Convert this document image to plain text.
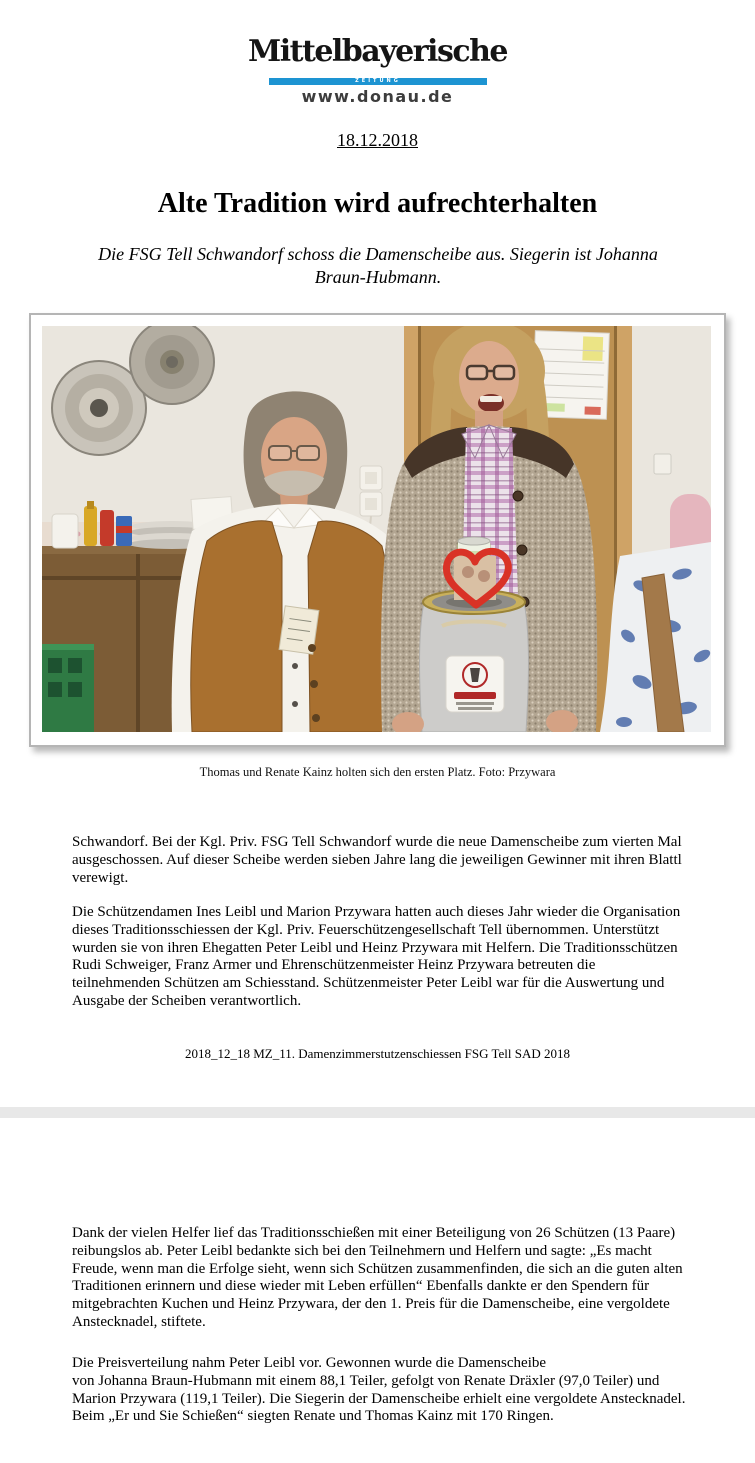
Mittelbayerische
ZEITUNG
www.donau.de
18.12.2018
Alte Tradition wird aufrechterhalten
Die FSG Tell Schwandorf schoss die Damenscheibe aus. Siegerin ist Johanna Braun-Hubmann.
Thomas und Renate Kainz holten sich den ersten Platz. Foto: Przywara

Schwandorf. Bei der Kgl. Priv. FSG Tell Schwandorf wurde die neue Damenscheibe zum vierten Mal ausgeschossen. Auf dieser Scheibe werden sieben Jahre lang die jeweiligen Gewinner mit ihren Blattl verewigt.

Die Schützendamen Ines Leibl und Marion Przywara hatten auch dieses Jahr wieder die Organisation dieses Traditionsschiessen der Kgl. Priv. Feuerschützengesellschaft Tell übernommen. Unterstützt wurden sie von ihren Ehegatten Peter Leibl und Heinz Przywara mit Helfern. Die Traditionsschützen Rudi Schweiger, Franz Armer und Ehrenschützenmeister Heinz Przywara betreuten die teilnehmenden Schützen am Schiesstand. Schützenmeister Peter Leibl war für die Auswertung und Ausgabe der Scheiben verantwortlich.

2018_12_18 MZ_11. Damenzimmerstutzenschiessen FSG Tell SAD 2018

Dank der vielen Helfer lief das Traditionsschießen mit einer Beteiligung von 26 Schützen (13 Paare) reibungslos ab. Peter Leibl bedankte sich bei den Teilnehmern und Helfern und sagte: „Es macht Freude, wenn man die Erfolge sieht, wenn sich Schützen zusammenfinden, die sich an die guten alten Traditionen erinnern und diese wieder mit Leben erfüllen“ Ebenfalls dankte er den Spendern für mitgebrachten Kuchen und Heinz Przywara, der den 1. Preis für die Damenscheibe, eine vergoldete Anstecknadel, stiftete.

Die Preisverteilung nahm Peter Leibl vor. Gewonnen wurde die Damenscheibe
von Johanna Braun-Hubmann mit einem 88,1 Teiler, gefolgt von Renate Dräxler (97,0 Teiler) und Marion Przywara (119,1 Teiler). Die Siegerin der Damenscheibe erhielt eine vergoldete Anstecknadel. Beim „Er und Sie Schießen“ siegten Renate und Thomas Kainz mit 170 Ringen.
